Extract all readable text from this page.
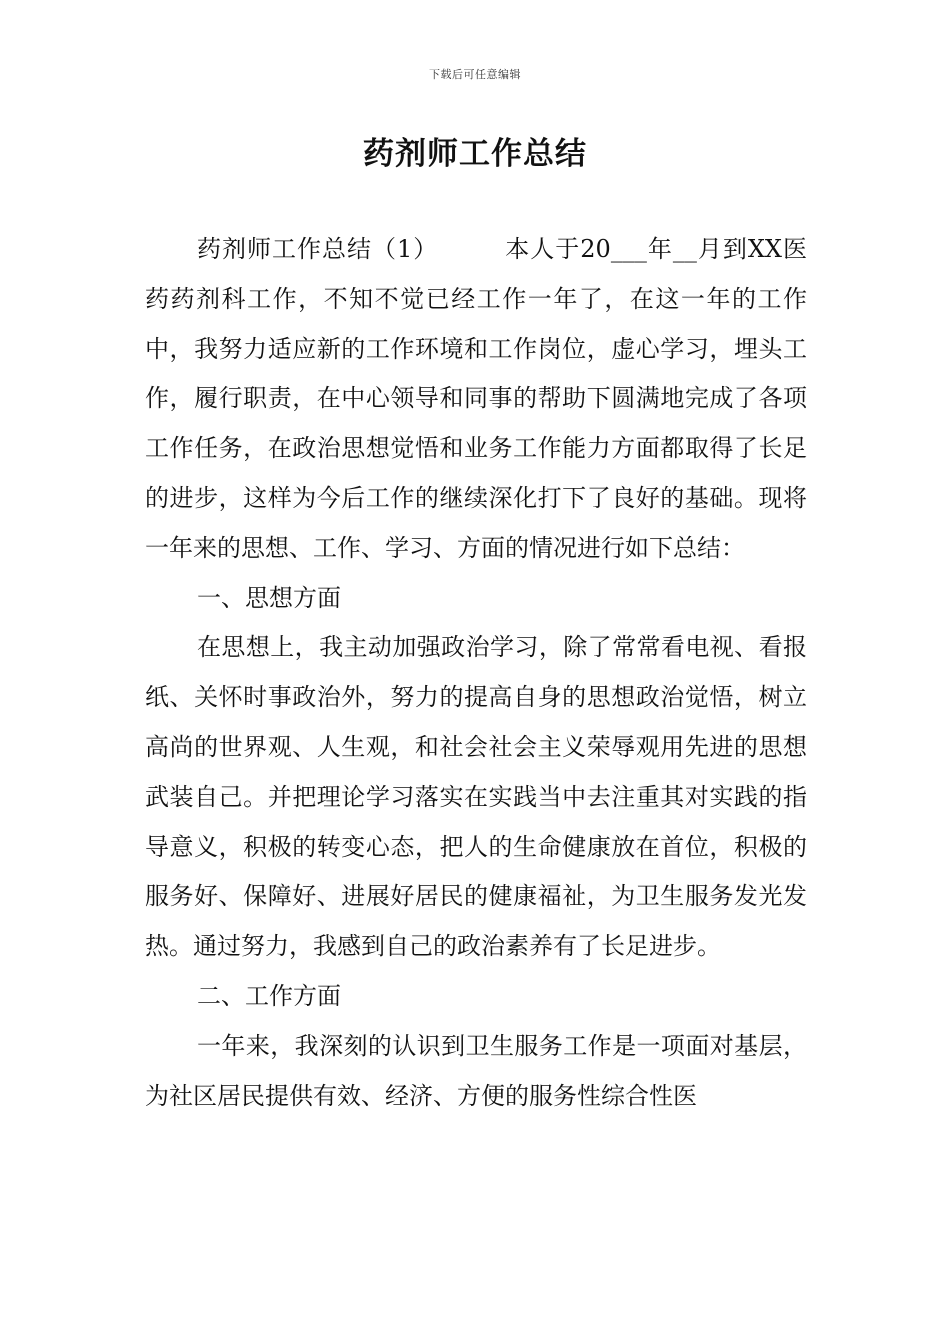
下载后可任意编辑
药剂师工作总结

药剂师工作总结（1）	本人于20___年__月到XX医药药剂科工作，不知不觉已经工作一年了，在这一年的工作中，我努力适应新的工作环境和工作岗位，虚心学习，埋头工作，履行职责，在中心领导和同事的帮助下圆满地完成了各项工作任务，在政治思想觉悟和业务工作能力方面都取得了长足的进步，这样为今后工作的继续深化打下了良好的基础。现将一年来的思想、工作、学习、方面的情况进行如下总结：

一、思想方面

在思想上，我主动加强政治学习，除了常常看电视、看报纸、关怀时事政治外，努力的提高自身的思想政治觉悟，树立高尚的世界观、人生观，和社会社会主义荣辱观用先进的思想武装自己。并把理论学习落实在实践当中去注重其对实践的指导意义，积极的转变心态，把人的生命健康放在首位，积极的服务好、保障好、进展好居民的健康福祉，为卫生服务发光发热。通过努力，我感到自己的政治素养有了长足进步。

二、工作方面

一年来，我深刻的认识到卫生服务工作是一项面对基层，为社区居民提供有效、经济、方便的服务性综合性医
